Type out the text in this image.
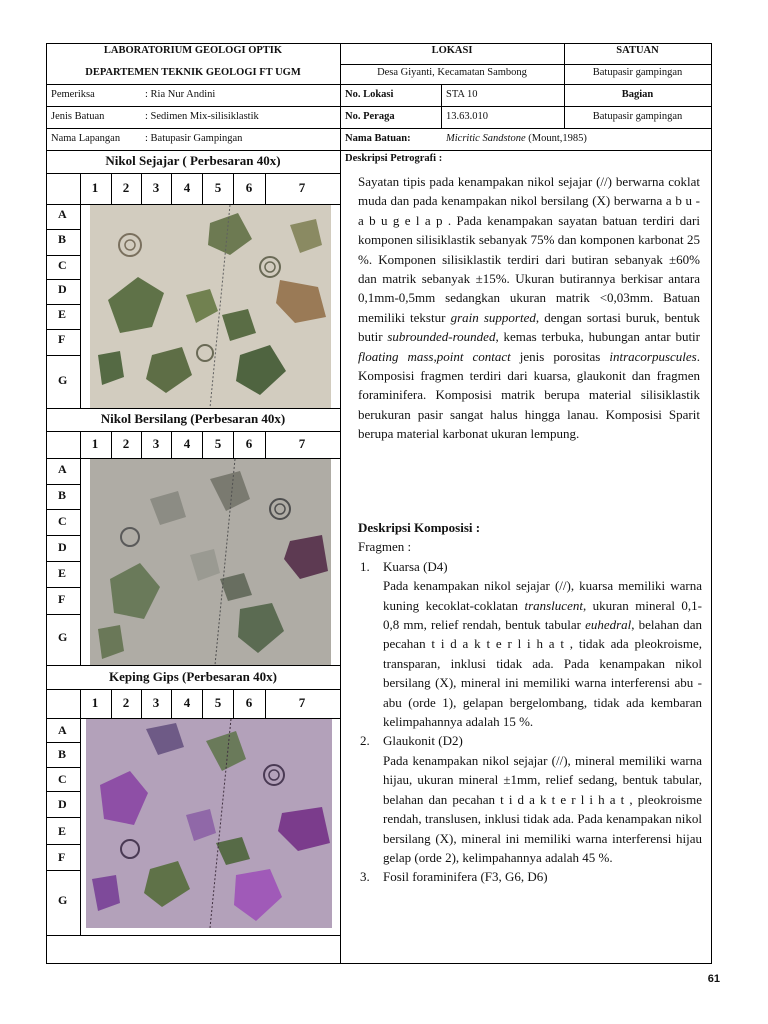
LABORATORIUM GEOLOGI OPTIK
DEPARTEMEN TEKNIK GEOLOGI FT UGM
LOKASI	SATUAN
Desa Giyanti, Kecamatan Sambong	Batupasir gampingan
Pemeriksa	: Ria Nur Andini
Jenis Batuan	: Sedimen Mix-silisiklastik
Nama Lapangan	: Batupasir Gampingan
No. Lokasi	STA 10	Bagian
No. Peraga	13.63.010	Batupasir gampingan
Nama Batuan:	Micritic Sandstone (Mount,1985)
Nikol Sejajar ( Perbesaran 40x)
Nikol Bersilang (Perbesaran 40x)
Keping Gips (Perbesaran 40x)
1	2	3	4	5	6	7
A
B
C
D
E
F
G
1	2	3	4	5	6	7
A
B
C
D
E
F
G
1	2	3	4	5	6	7
A
B
C
D
E
F
G
Deskripsi Petrografi :

Sayatan tipis pada kenampakan nikol sejajar (//) berwarna coklat muda dan pada kenampakan nikol bersilang (X) berwarna a b u - a b u g e l a p . Pada kenampakan sayatan batuan terdiri dari komponen silisiklastik sebanyak 75% dan komponen karbonat 25 %. Komponen silisiklastik terdiri dari butiran sebanyak ±60% dan matrik sebanyak ±15%. Ukuran butirannya berkisar antara 0,1mm-0,5mm sedangkan ukuran matrik <0,03mm. Batuan memiliki tekstur grain supported, dengan sortasi buruk, bentuk butir subrounded-rounded, kemas terbuka, hubungan antar butir floating mass,point contact jenis porositas intracorpuscules. Komposisi fragmen terdiri dari kuarsa, glaukonit dan fragmen foraminifera. Komposisi matrik berupa material silisiklastik berukuran pasir sangat halus hingga lanau. Komposisi Sparit berupa material karbonat ukuran lempung.

Deskripsi Komposisi :
Fragmen :
1. Kuarsa (D4)
Pada kenampakan nikol sejajar (//), kuarsa memiliki warna kuning kecoklat-coklatan translucent, ukuran mineral 0,1-0,8 mm, relief rendah, bentuk tabular euhedral, belahan dan pecahan t i d a k t e r l i h a t , tidak ada pleokroisme, transparan, inklusi tidak ada. Pada kenampakan nikol bersilang (X), mineral ini memiliki warna interferensi abu - abu (orde 1), gelapan bergelombang, tidak ada kembaran kelimpahannya adalah 15 %.
2. Glaukonit (D2)
Pada kenampakan nikol sejajar (//), mineral memiliki warna hijau, ukuran mineral ±1mm, relief sedang, bentuk tabular, belahan dan pecahan t i d a k t e r l i h a t , pleokroisme rendah, translusen, inklusi tidak ada. Pada kenampakan nikol bersilang (X), mineral ini memiliki warna interferensi hijau gelap (orde 2), kelimpahannya adalah 45 %.
3. Fosil foraminifera (F3, G6, D6)
61
